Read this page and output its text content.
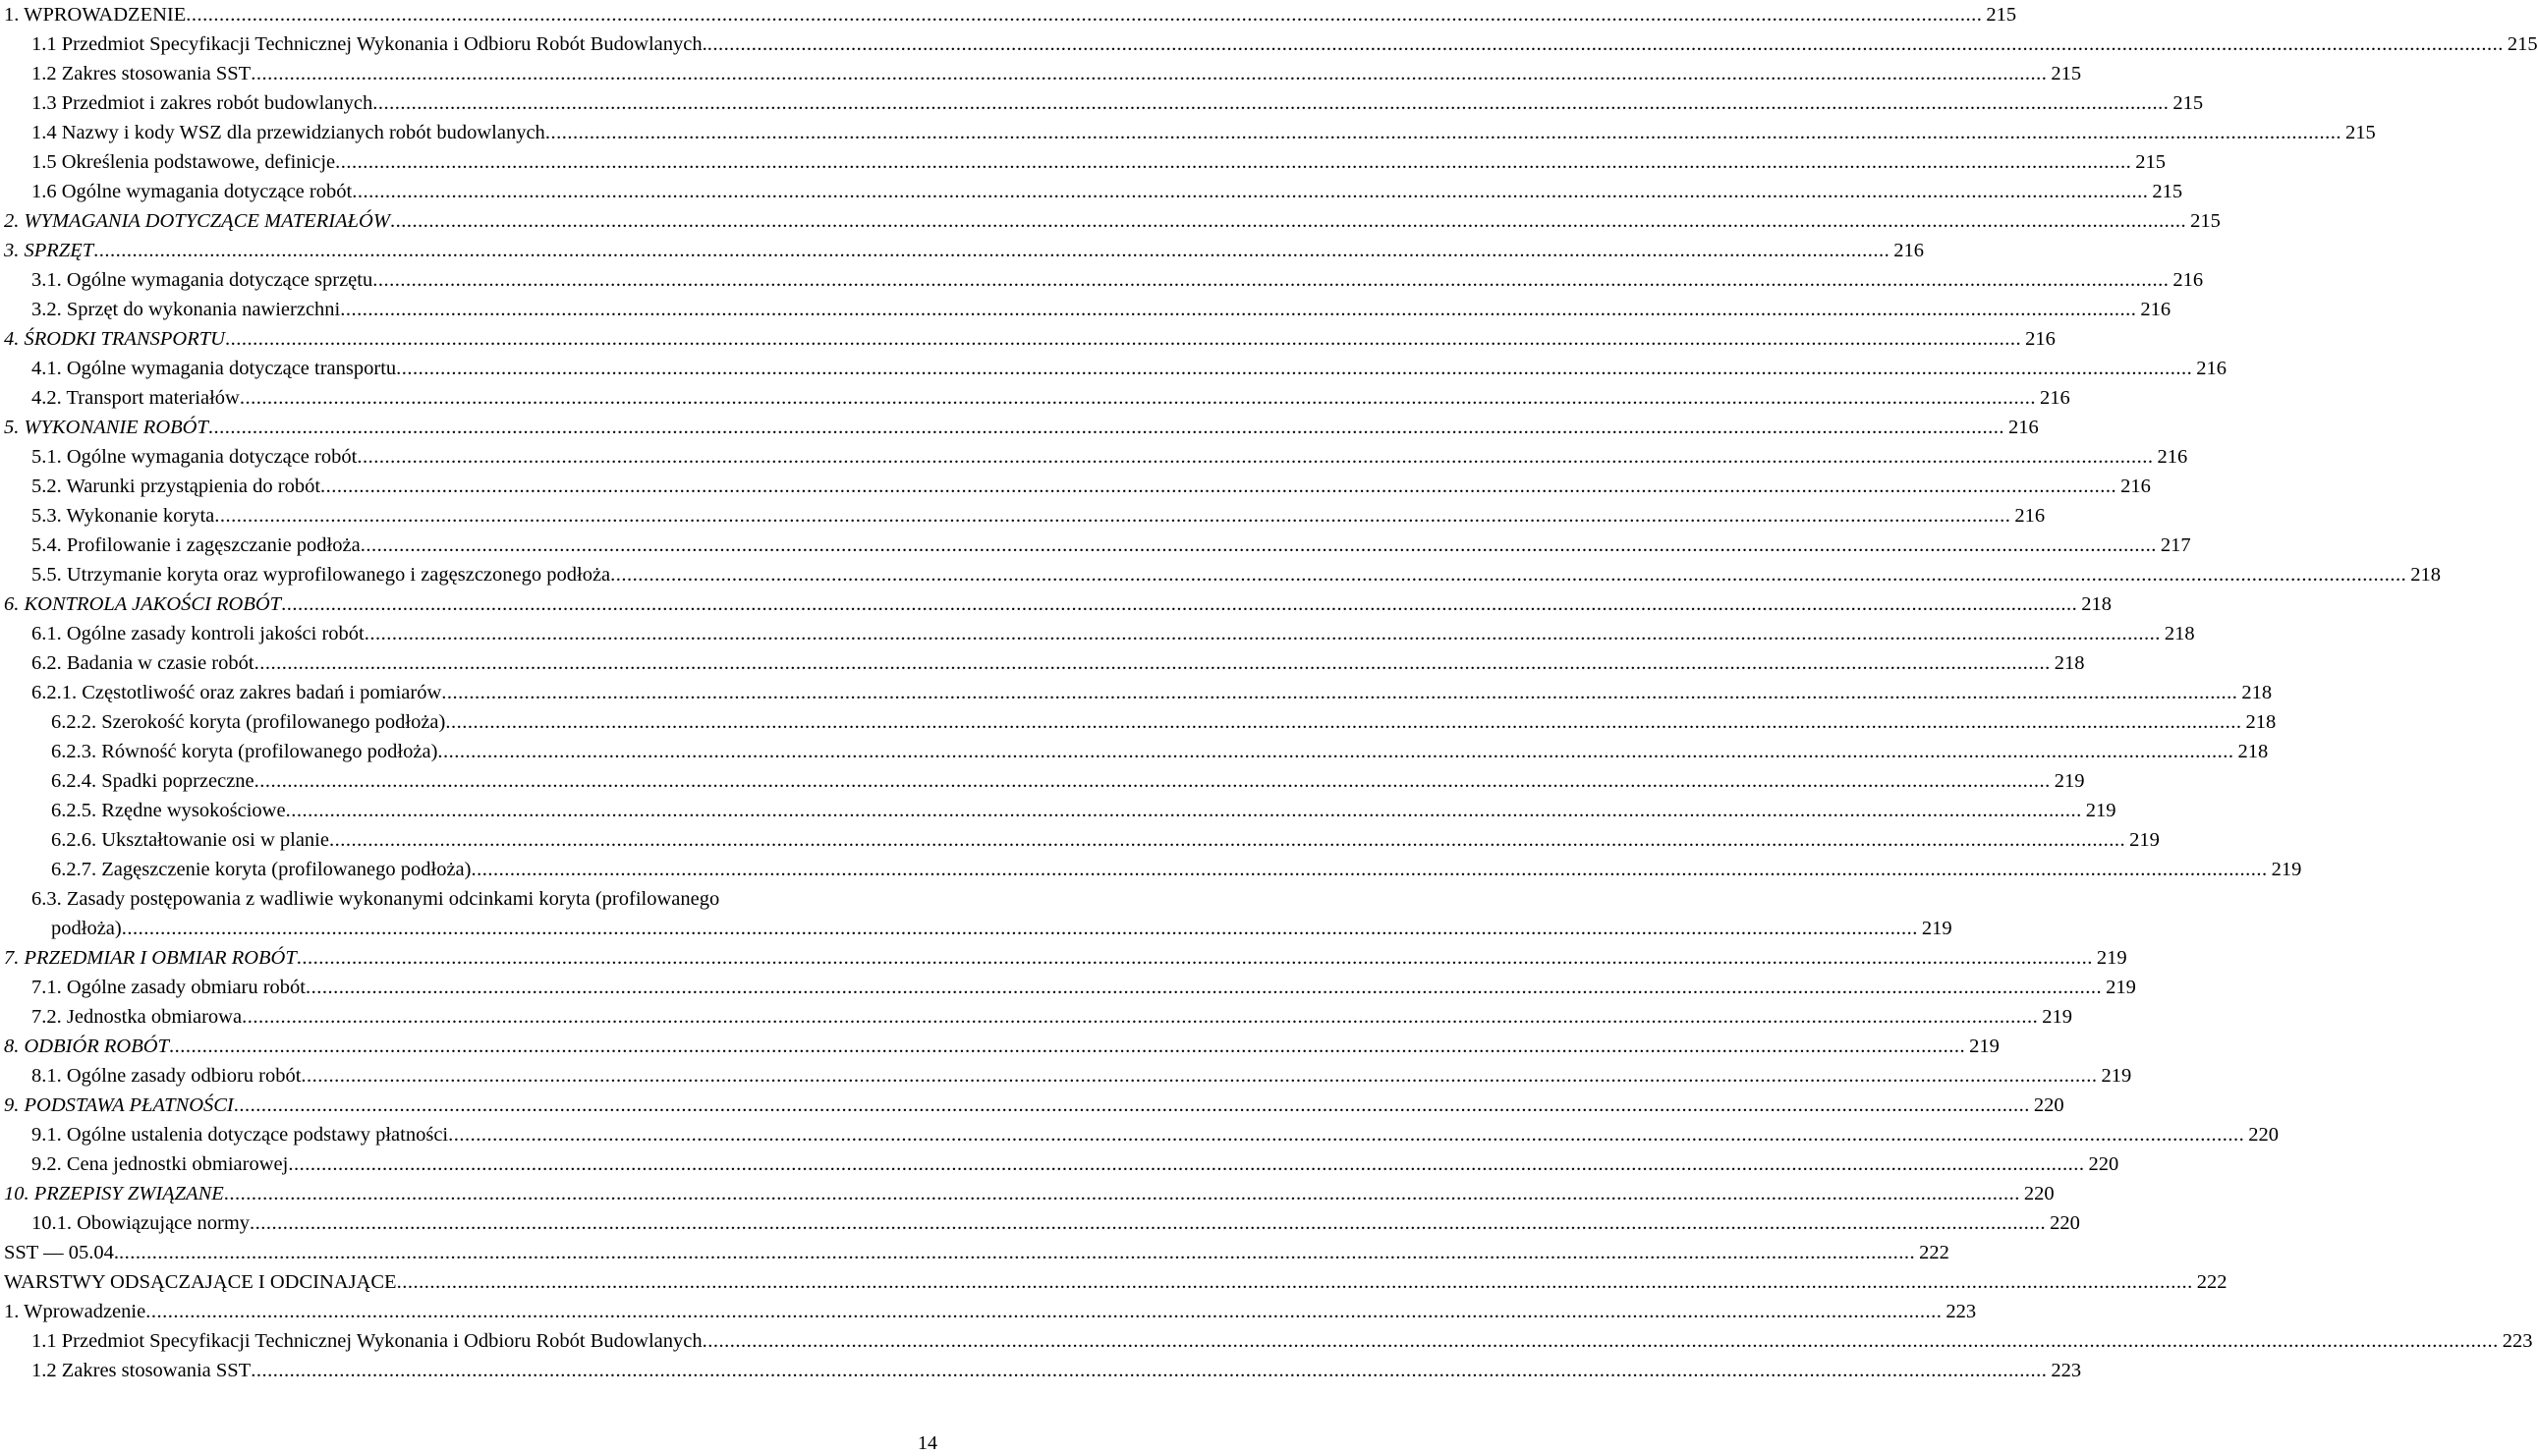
1. WPROWADZENIE .....	215
1.1 Przedmiot Specyfikacji Technicznej Wykonania i Odbioru Robót Budowlanych. .....	215
1.2 Zakres stosowania SST .....	215
1.3 Przedmiot i zakres robót budowlanych .....	215
1.4 Nazwy i kody WSZ dla przewidzianych robót budowlanych .....	215
1.5 Określenia podstawowe, definicje .....	215
1.6 Ogólne wymagania dotyczące robót .....	215
2. WYMAGANIA DOTYCZĄCE MATERIAŁÓW .....	215
3. SPRZĘT .....	216
3.1. Ogólne wymagania dotyczące sprzętu .....	216
3.2. Sprzęt do wykonania nawierzchni .....	216
4. ŚRODKI TRANSPORTU .....	216
4.1. Ogólne wymagania dotyczące transportu .....	216
4.2. Transport materiałów .....	216
5. WYKONANIE ROBÓT .....	216
5.1. Ogólne wymagania dotyczące robót .....	216
5.2. Warunki przystąpienia do robót .....	216
5.3. Wykonanie koryta .....	216
5.4. Profilowanie i zagęszczanie podłoża .....	217
5.5. Utrzymanie koryta oraz wyprofilowanego i zagęszczonego podłoża .....	218
6. KONTROLA JAKOŚCI ROBÓT .....	218
6.1. Ogólne zasady kontroli jakości robót .....	218
6.2. Badania w czasie robót .....	218
6.2.1. Częstotliwość oraz zakres badań i pomiarów .....	218
6.2.2. Szerokość koryta (profilowanego podłoża) .....	218
6.2.3. Równość koryta (profilowanego podłoża) .....	218
6.2.4. Spadki poprzeczne .....	219
6.2.5. Rzędne wysokościowe .....	219
6.2.6. Ukształtowanie osi w planie .....	219
6.2.7. Zagęszczenie koryta (profilowanego podłoża) .....	219
6.3. Zasady postępowania z wadliwie wykonanymi odcinkami koryta (profilowanego
podłoża) .....	219
7. PRZEDMIAR I OBMIAR ROBÓT .....	219
7.1. Ogólne zasady obmiaru robót .....	219
7.2. Jednostka obmiarowa .....	219
8. ODBIÓR ROBÓT .....	219
8.1. Ogólne zasady odbioru robót .....	219
9. PODSTAWA PŁATNOŚCI .....	220
9.1. Ogólne ustalenia dotyczące podstawy płatności .....	220
9.2. Cena jednostki obmiarowej .....	220
10. PRZEPISY ZWIĄZANE .....	220
10.1. Obowiązujące normy .....	220
SST — 05.04. .....	222
WARSTWY ODSĄCZAJĄCE I ODCINAJĄCE .....	222
1. Wprowadzenie .....	223
1.1 Przedmiot Specyfikacji Technicznej Wykonania i Odbioru Robót Budowlanych .....	223
1.2 Zakres stosowania SST .....	223
14
